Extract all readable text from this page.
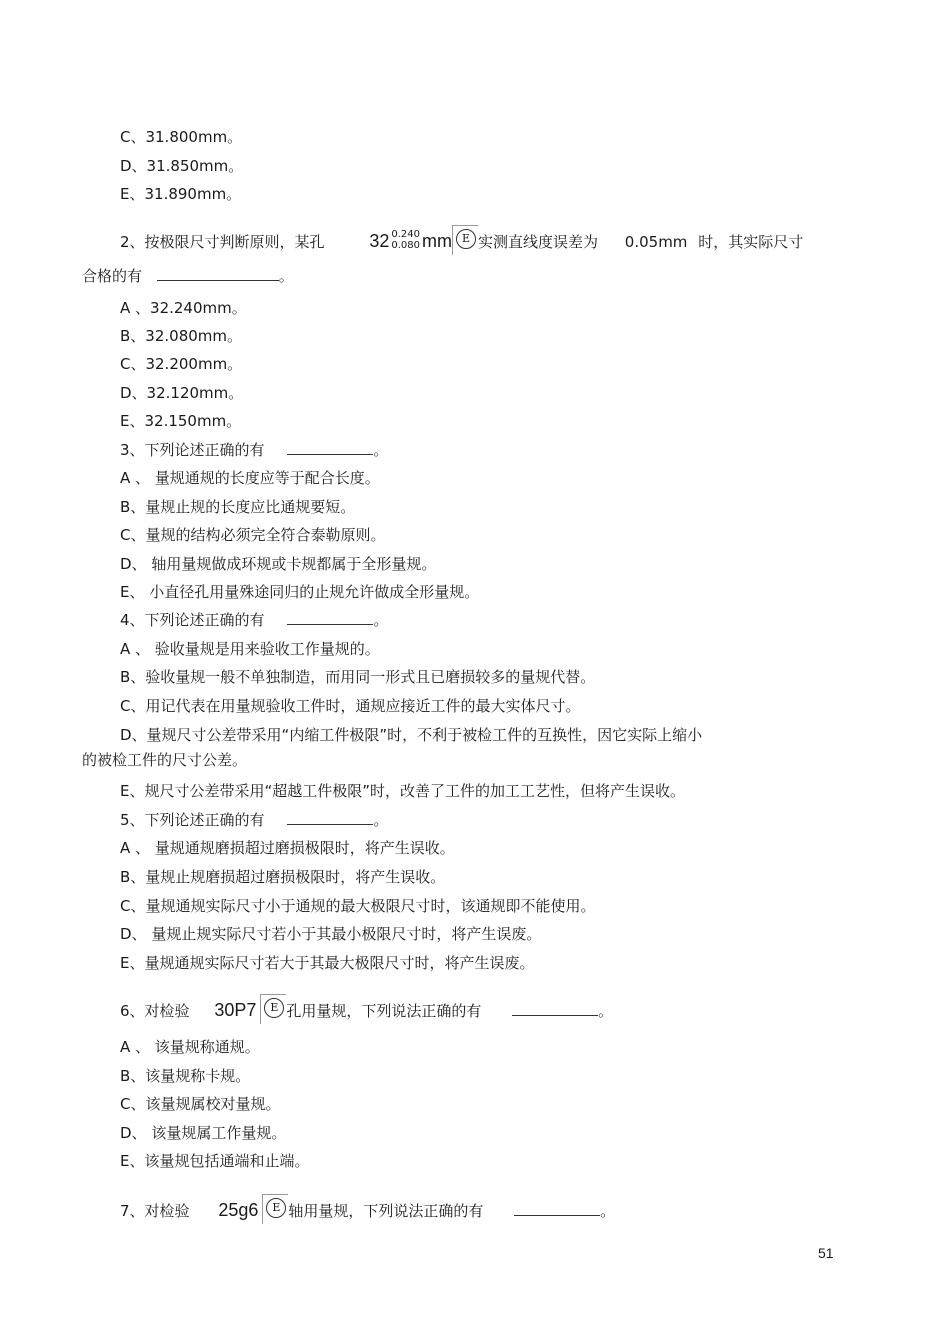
C、31.800mm。
D、31.850mm。
E、31.890mm。
2、按极限尺寸判断原则，某孔 32 0.240
0.080 mm E 实测直线度误差为 0.05mm 时，其实际尺寸
合格的有	。
A 、32.240mm。
B、32.080mm。
C、32.200mm。
D、32.120mm。
E、32.150mm。
3、下列论述正确的有	。
A 、 量规通规的长度应等于配合长度。
B、量规止规的长度应比通规要短。
C、量规的结构必须完全符合泰勒原则。
D、 轴用量规做成环规或卡规都属于全形量规。
E、 小直径孔用量殊途同归的止规允许做成全形量规。
4、下列论述正确的有	。
A 、 验收量规是用来验收工作量规的。
B、验收量规一般不单独制造，而用同一形式且已磨损较多的量规代替。
C、用记代表在用量规验收工件时，通规应接近工件的最大实体尺寸。
D、量规尺寸公差带采用“内缩工件极限”时，不利于被检工件的互换性，因它实际上缩小
的被检工件的尺寸公差。
E、规尺寸公差带采用“超越工件极限”时，改善了工件的加工工艺性，但将产生误收。
5、下列论述正确的有	。
A 、 量规通规磨损超过磨损极限时，将产生误收。
B、量规止规磨损超过磨损极限时，将产生误收。
C、量规通规实际尺寸小于通规的最大极限尺寸时，该通规即不能使用。
D、 量规止规实际尺寸若小于其最小极限尺寸时，将产生误废。
E、量规通规实际尺寸若大于其最大极限尺寸时，将产生误废。
6、对检验 30P7	E 孔用量规，下列说法正确的有	。
A 、 该量规称通规。
B、该量规称卡规。
C、该量规属校对量规。
D、 该量规属工作量规。
E、该量规包括通端和止端。
7、对检验 25g6	E 轴用量规，下列说法正确的有	。
51
